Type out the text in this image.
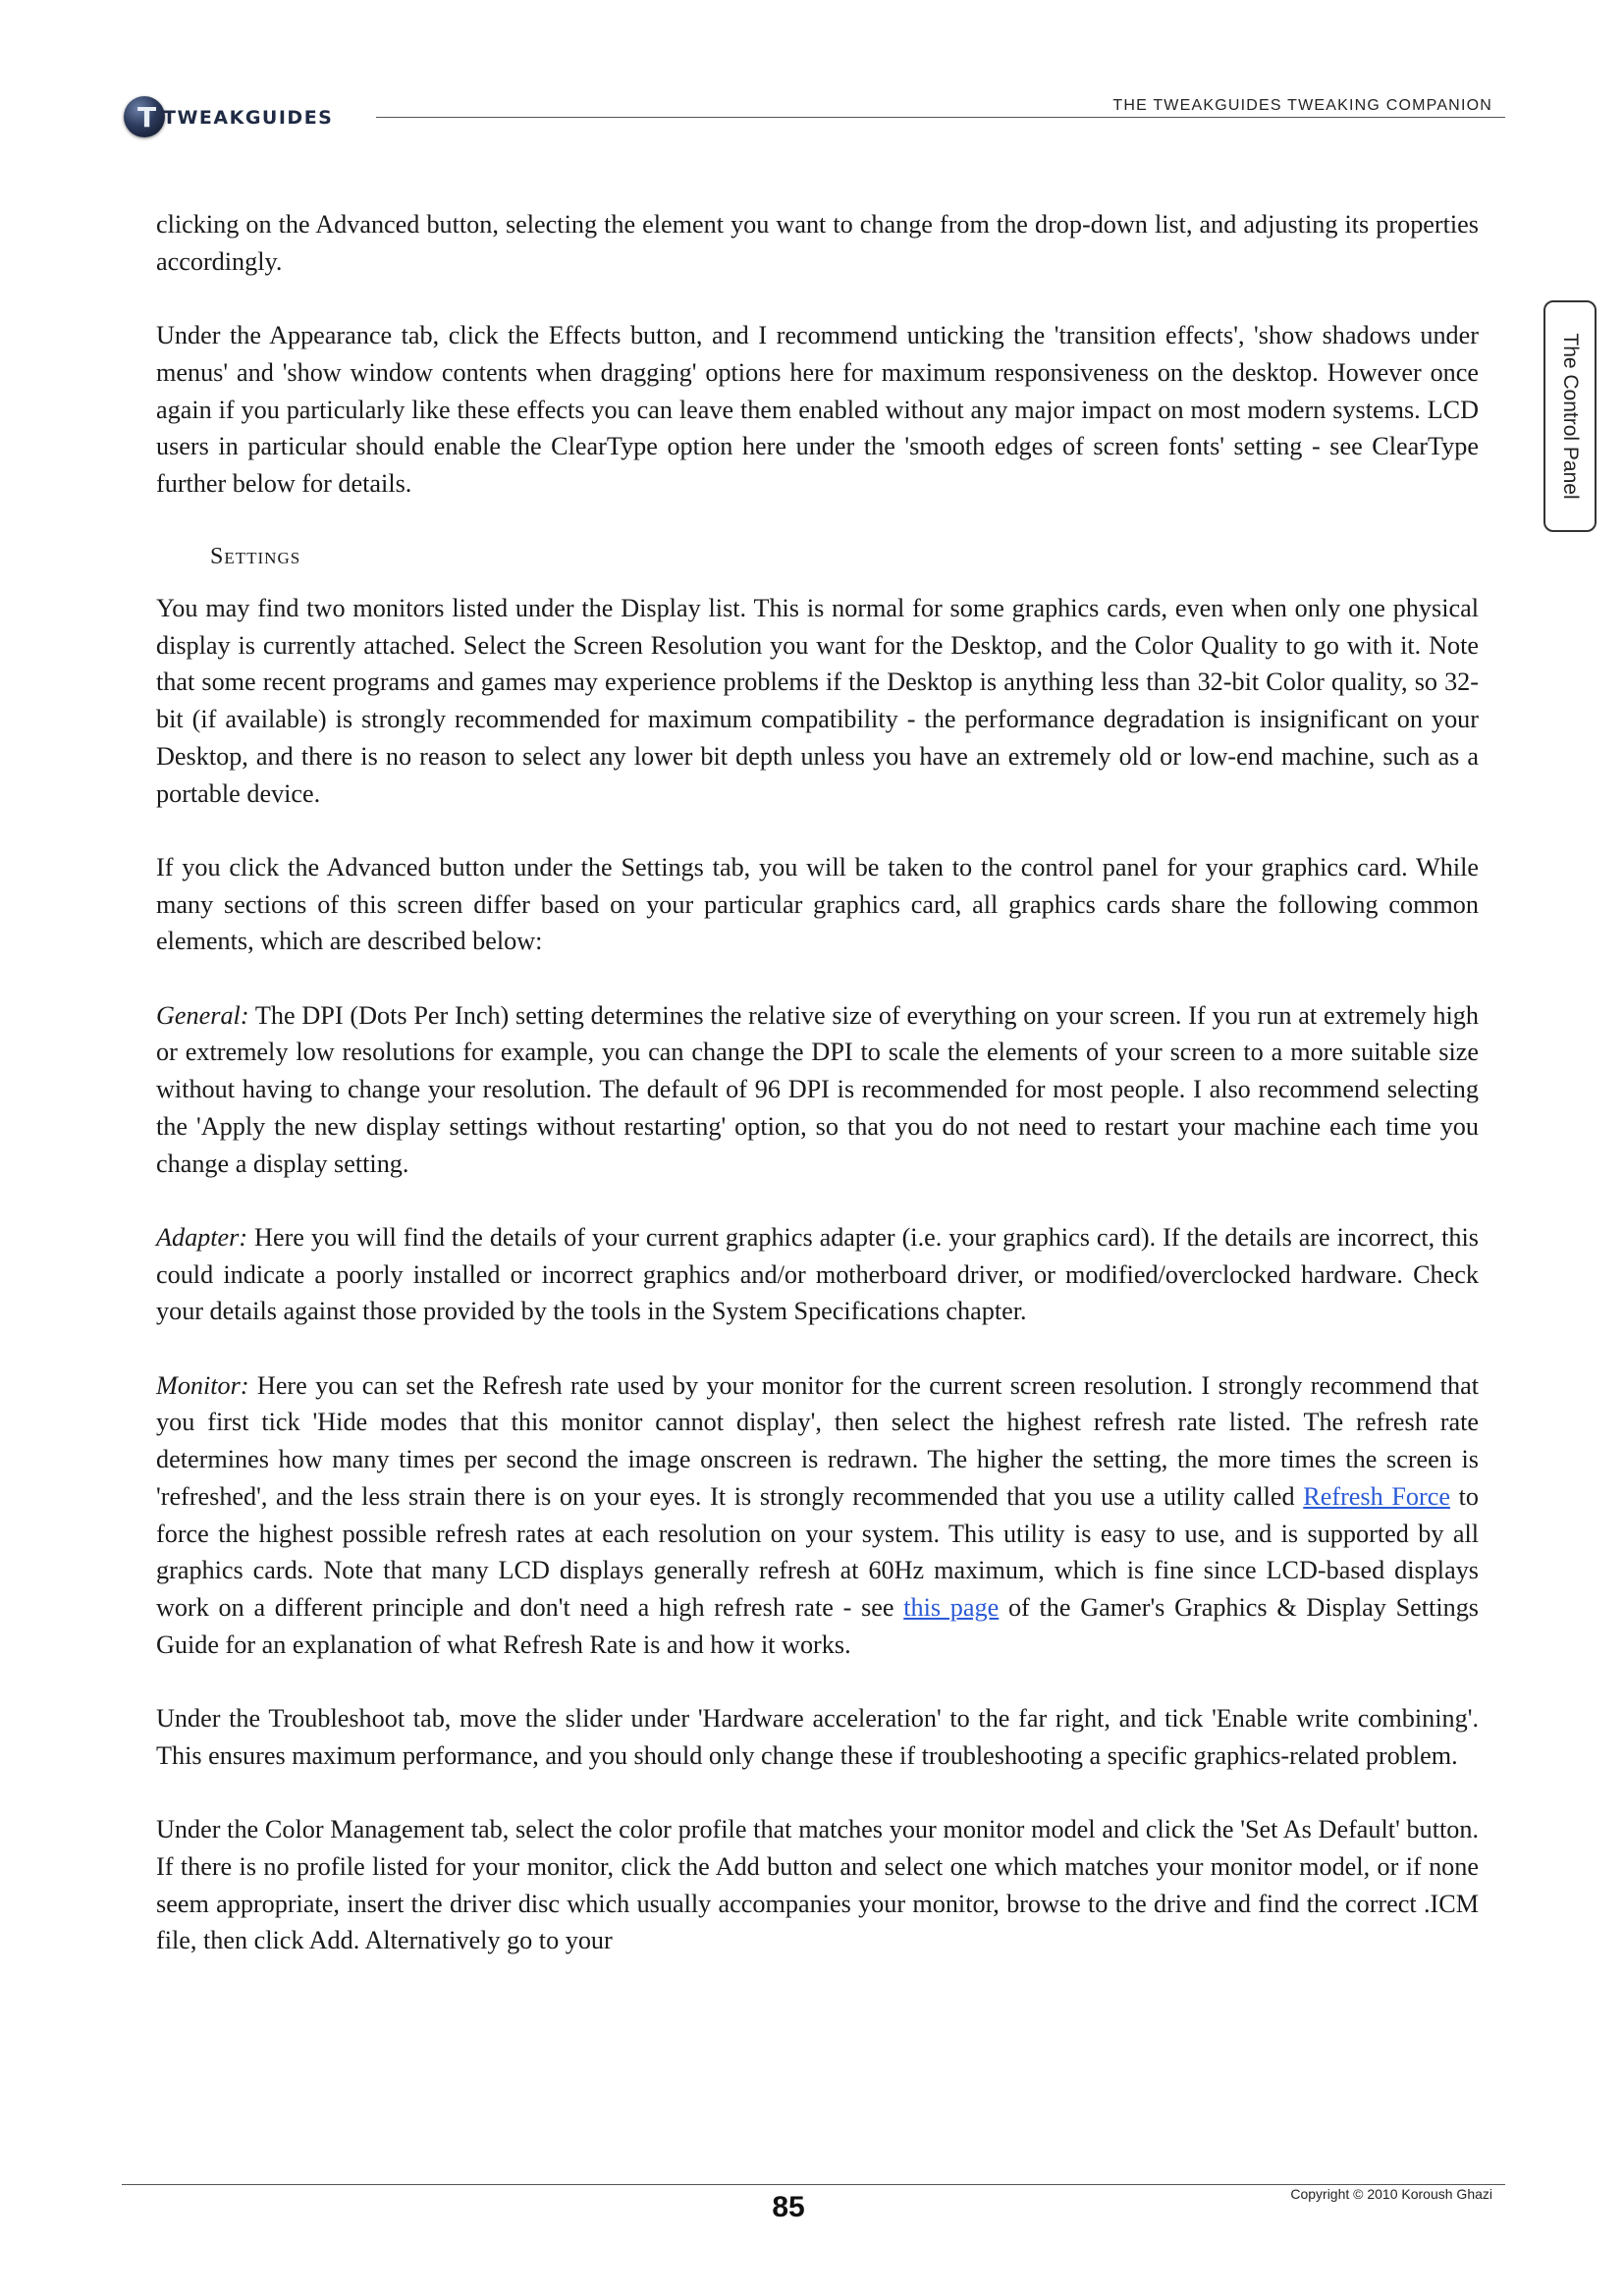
T TWEAKGUIDES
THE TWEAKGUIDES TWEAKING COMPANION
The Control Panel

clicking on the Advanced button, selecting the element you want to change from the drop-down list, and adjusting its properties accordingly.

Under the Appearance tab, click the Effects button, and I recommend unticking the 'transition effects', 'show shadows under menus' and 'show window contents when dragging' options here for maximum responsiveness on the desktop. However once again if you particularly like these effects you can leave them enabled without any major impact on most modern systems. LCD users in particular should enable the ClearType option here under the 'smooth edges of screen fonts' setting - see ClearType further below for details.

Settings

You may find two monitors listed under the Display list. This is normal for some graphics cards, even when only one physical display is currently attached. Select the Screen Resolution you want for the Desktop, and the Color Quality to go with it. Note that some recent programs and games may experience problems if the Desktop is anything less than 32-bit Color quality, so 32-bit (if available) is strongly recommended for maximum compatibility - the performance degradation is insignificant on your Desktop, and there is no reason to select any lower bit depth unless you have an extremely old or low-end machine, such as a portable device.

If you click the Advanced button under the Settings tab, you will be taken to the control panel for your graphics card. While many sections of this screen differ based on your particular graphics card, all graphics cards share the following common elements, which are described below:

General: The DPI (Dots Per Inch) setting determines the relative size of everything on your screen. If you run at extremely high or extremely low resolutions for example, you can change the DPI to scale the elements of your screen to a more suitable size without having to change your resolution. The default of 96 DPI is recommended for most people. I also recommend selecting the 'Apply the new display settings without restarting' option, so that you do not need to restart your machine each time you change a display setting.

Adapter: Here you will find the details of your current graphics adapter (i.e. your graphics card). If the details are incorrect, this could indicate a poorly installed or incorrect graphics and/or motherboard driver, or modified/overclocked hardware. Check your details against those provided by the tools in the System Specifications chapter.

Monitor: Here you can set the Refresh rate used by your monitor for the current screen resolution. I strongly recommend that you first tick 'Hide modes that this monitor cannot display', then select the highest refresh rate listed. The refresh rate determines how many times per second the image onscreen is redrawn. The higher the setting, the more times the screen is 'refreshed', and the less strain there is on your eyes. It is strongly recommended that you use a utility called Refresh Force to force the highest possible refresh rates at each resolution on your system. This utility is easy to use, and is supported by all graphics cards. Note that many LCD displays generally refresh at 60Hz maximum, which is fine since LCD-based displays work on a different principle and don't need a high refresh rate - see this page of the Gamer's Graphics & Display Settings Guide for an explanation of what Refresh Rate is and how it works.

Under the Troubleshoot tab, move the slider under 'Hardware acceleration' to the far right, and tick 'Enable write combining'. This ensures maximum performance, and you should only change these if troubleshooting a specific graphics-related problem.

Under the Color Management tab, select the color profile that matches your monitor model and click the 'Set As Default' button. If there is no profile listed for your monitor, click the Add button and select one which matches your monitor model, or if none seem appropriate, insert the driver disc which usually accompanies your monitor, browse to the drive and find the correct .ICM file, then click Add. Alternatively go to your

85	Copyright © 2010 Koroush Ghazi
